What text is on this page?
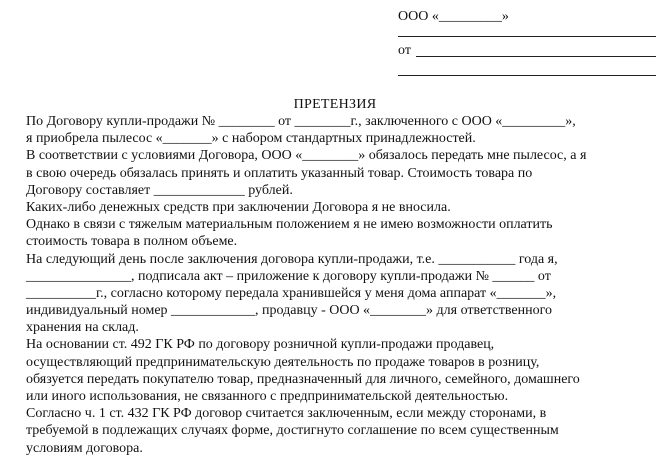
ООО «_________»
от
ПРЕТЕНЗИЯ
По Договору купли-продажи № ________ от ________г., заключенного с ООО «_________»,
я приобрела пылесос «_______» с набором стандартных принадлежностей.
В соответствии с условиями Договора, ООО «________» обязалось передать мне пылесос, а я
в свою очередь обязалась принять и оплатить указанный товар. Стоимость товара по
Договору составляет _____________ рублей.
Каких-либо денежных средств при заключении Договора я не вносила.
Однако в связи с тяжелым материальным положением я не имею возможности оплатить
стоимость товара в полном объеме.
На следующий день после заключения договора купли-продажи, т.е. ___________ года я,
_______________, подписала акт – приложение к договору купли-продажи № ______ от
__________г., согласно которому передала хранившейся у меня дома аппарат «_______»,
индивидуальный номер ____________, продавцу - ООО «________» для ответственного
хранения на склад.
На основании ст. 492 ГК РФ по договору розничной купли-продажи продавец,
осуществляющий предпринимательскую деятельность по продаже товаров в розницу,
обязуется передать покупателю товар, предназначенный для личного, семейного, домашнего
или иного использования, не связанного с предпринимательской деятельностью.
Согласно ч. 1 ст. 432 ГК РФ договор считается заключенным, если между сторонами, в
требуемой в подлежащих случаях форме, достигнуто соглашение по всем существенным
условиям договора.
